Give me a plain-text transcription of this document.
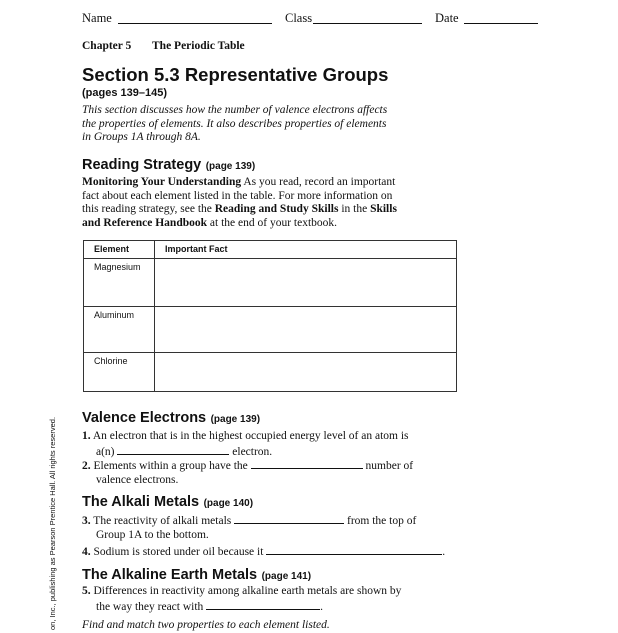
Name	Class	Date
Chapter 5 The Periodic Table
Section 5.3 Representative Groups
(pages 139–145)
This section discusses how the number of valence electrons affects
the properties of elements. It also describes properties of elements
in Groups 1A through 8A.
Reading Strategy (page 139)
Monitoring Your Understanding As you read, record an important
fact about each element listed in the table. For more information on
this reading strategy, see the Reading and Study Skills in the Skills
and Reference Handbook at the end of your textbook.
Element	Important Fact
Magnesium	
Aluminum	
Chlorine	
Valence Electrons (page 139)
1. An electron that is in the highest occupied energy level of an atom is
a(n)	electron.
2. Elements within a group have the	number of
valence electrons.
The Alkali Metals (page 140)
3. The reactivity of alkali metals	from the top of
Group 1A to the bottom.
4. Sodium is stored under oil because it	.
The Alkaline Earth Metals (page 141)
5. Differences in reactivity among alkaline earth metals are shown by
the way they react with	.
Find and match two properties to each element listed.
on, Inc., publishing as Pearson Prentice Hall. All rights reserved.
